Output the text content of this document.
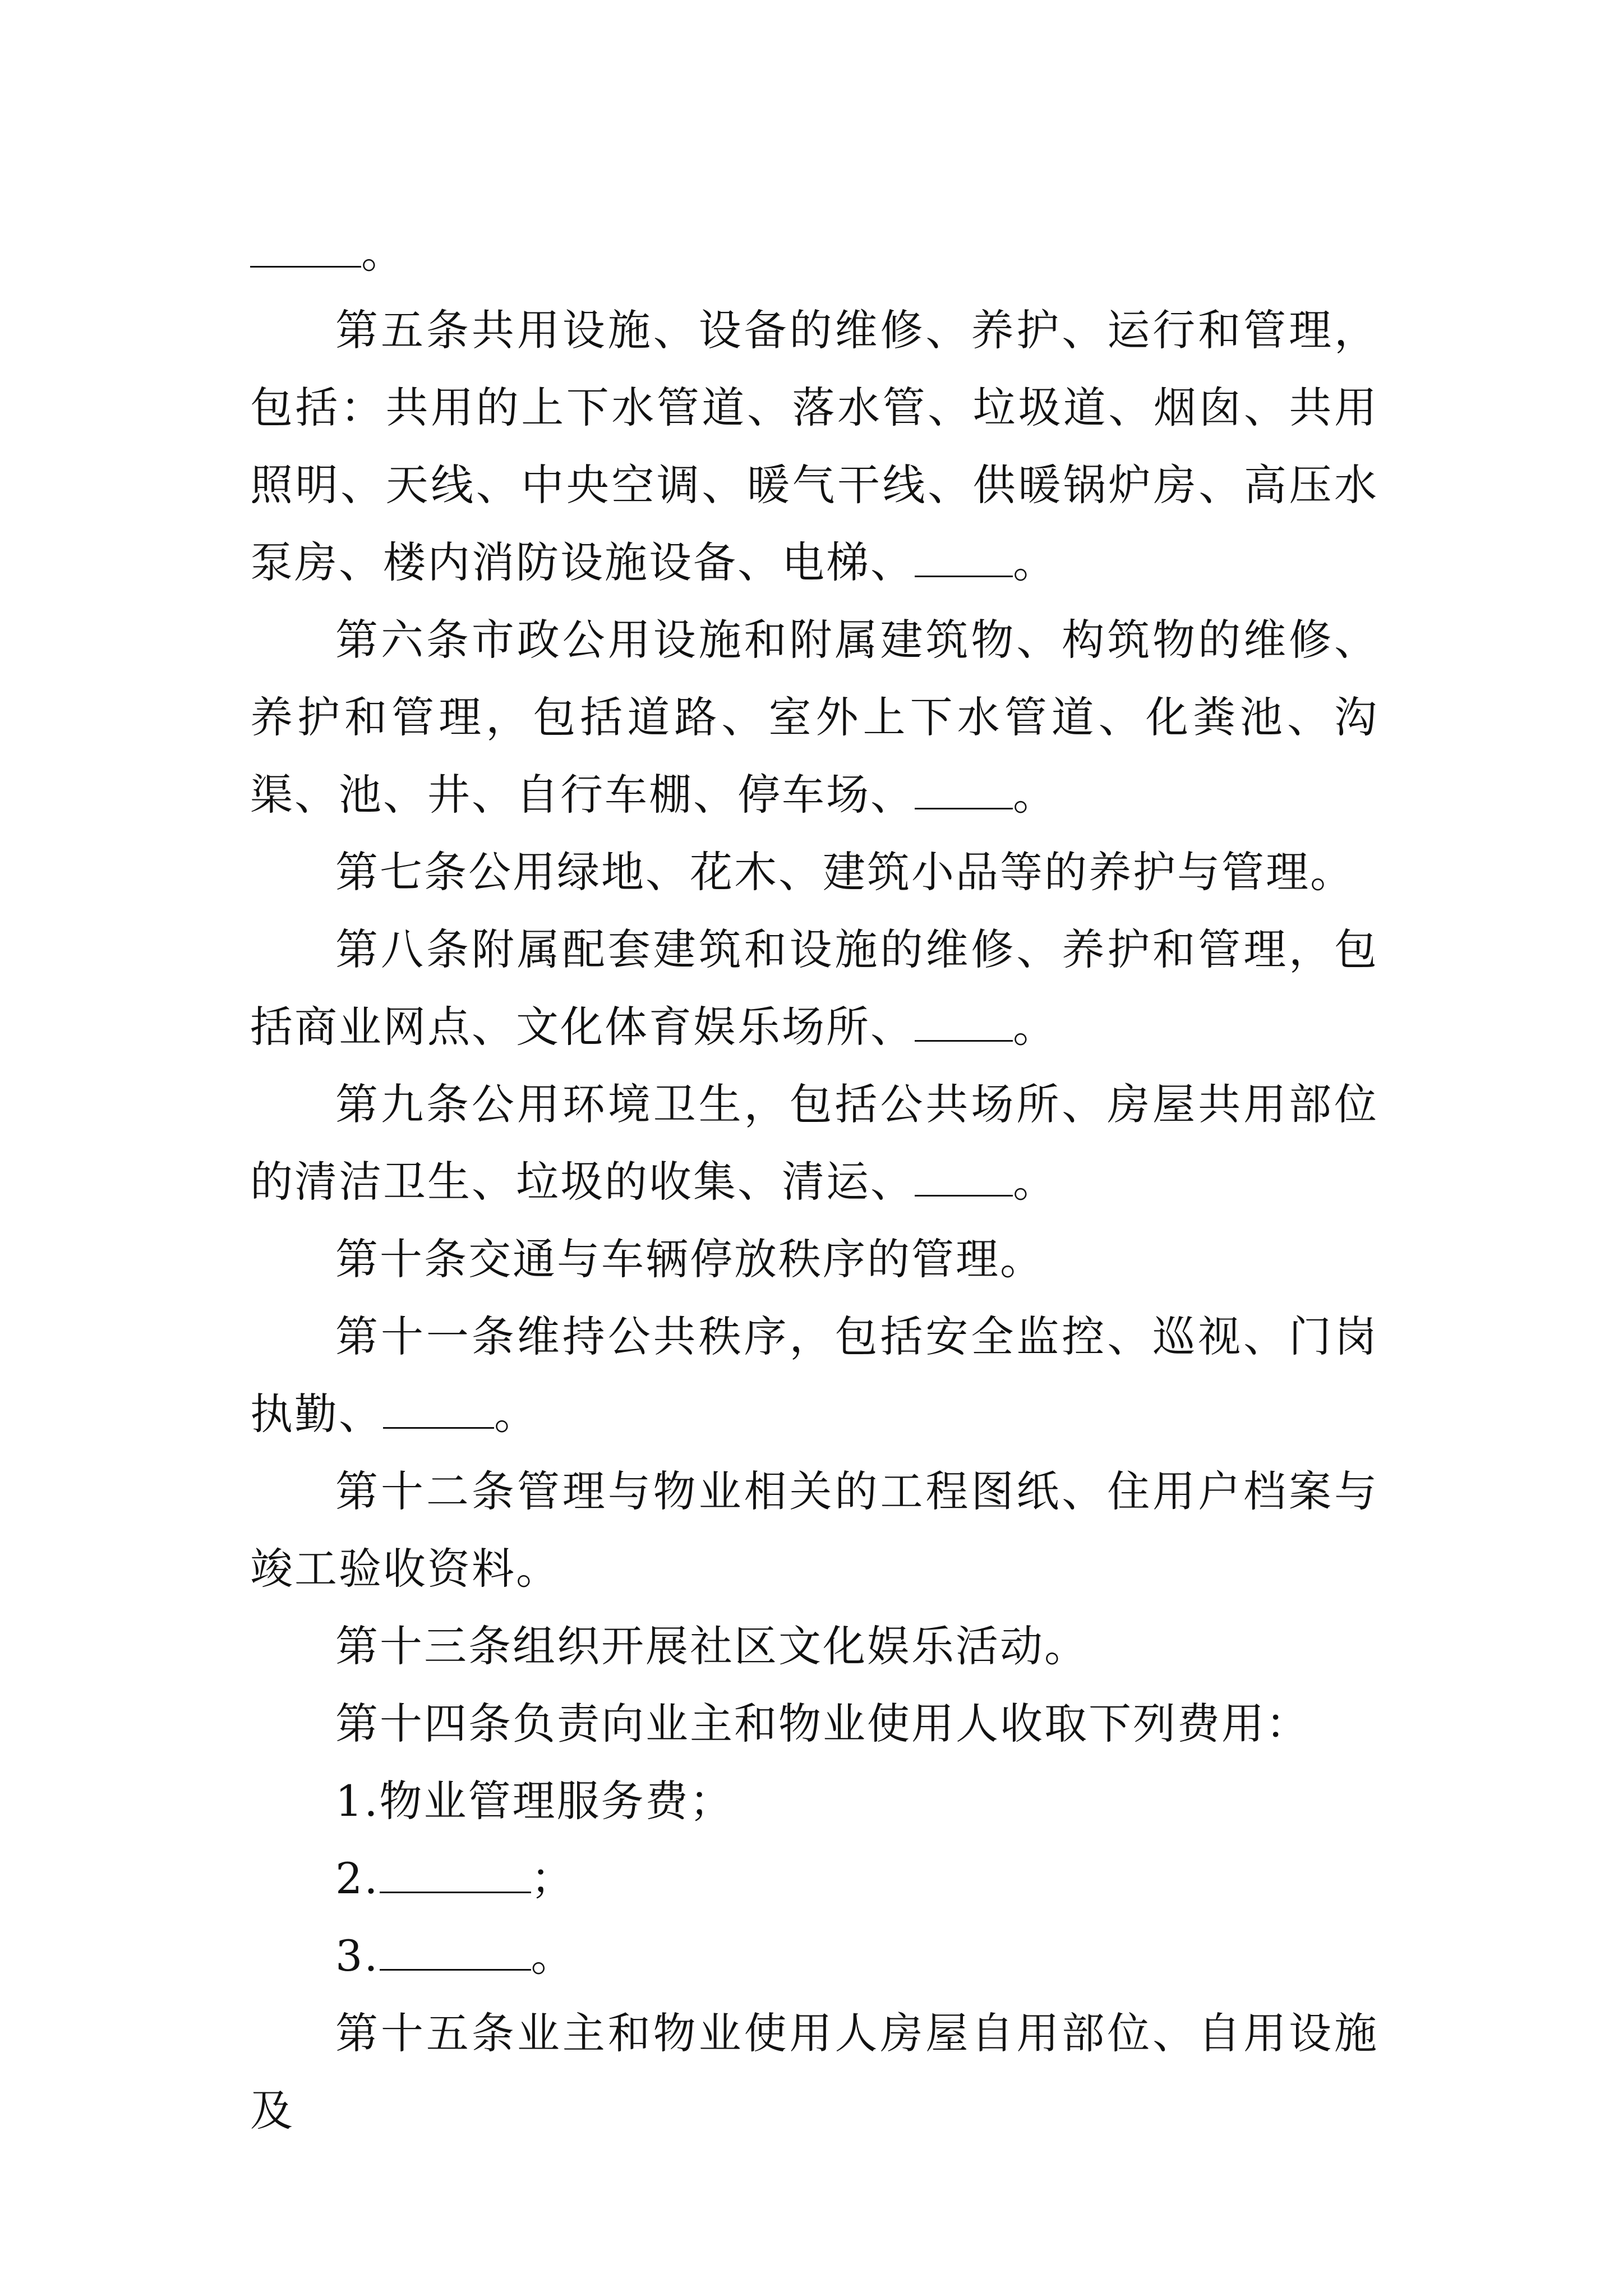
。

第五条共用设施、设备的维修、养护、运行和管理，包括：共用的上下水管道、落水管、垃圾道、烟囱、共用照明、天线、中央空调、暖气干线、供暖锅炉房、高压水泵房、楼内消防设施设备、电梯、 。

第六条市政公用设施和附属建筑物、构筑物的维修、养护和管理，包括道路、室外上下水管道、化粪池、沟渠、池、井、自行车棚、停车场、 。

第七条公用绿地、花木、建筑小品等的养护与管理。

第八条附属配套建筑和设施的维修、养护和管理，包括商业网点、文化体育娱乐场所、 。

第九条公用环境卫生，包括公共场所、房屋共用部位的清洁卫生、垃圾的收集、清运、 。

第十条交通与车辆停放秩序的管理。

第十一条维持公共秩序，包括安全监控、巡视、门岗执勤、	。

第十二条管理与物业相关的工程图纸、住用户档案与竣工验收资料。

第十三条组织开展社区文化娱乐活动。

第十四条负责向业主和物业使用人收取下列费用：

1.物业管理服务费；

2.	；

3.	。

第十五条业主和物业使用人房屋自用部位、自用设施及
